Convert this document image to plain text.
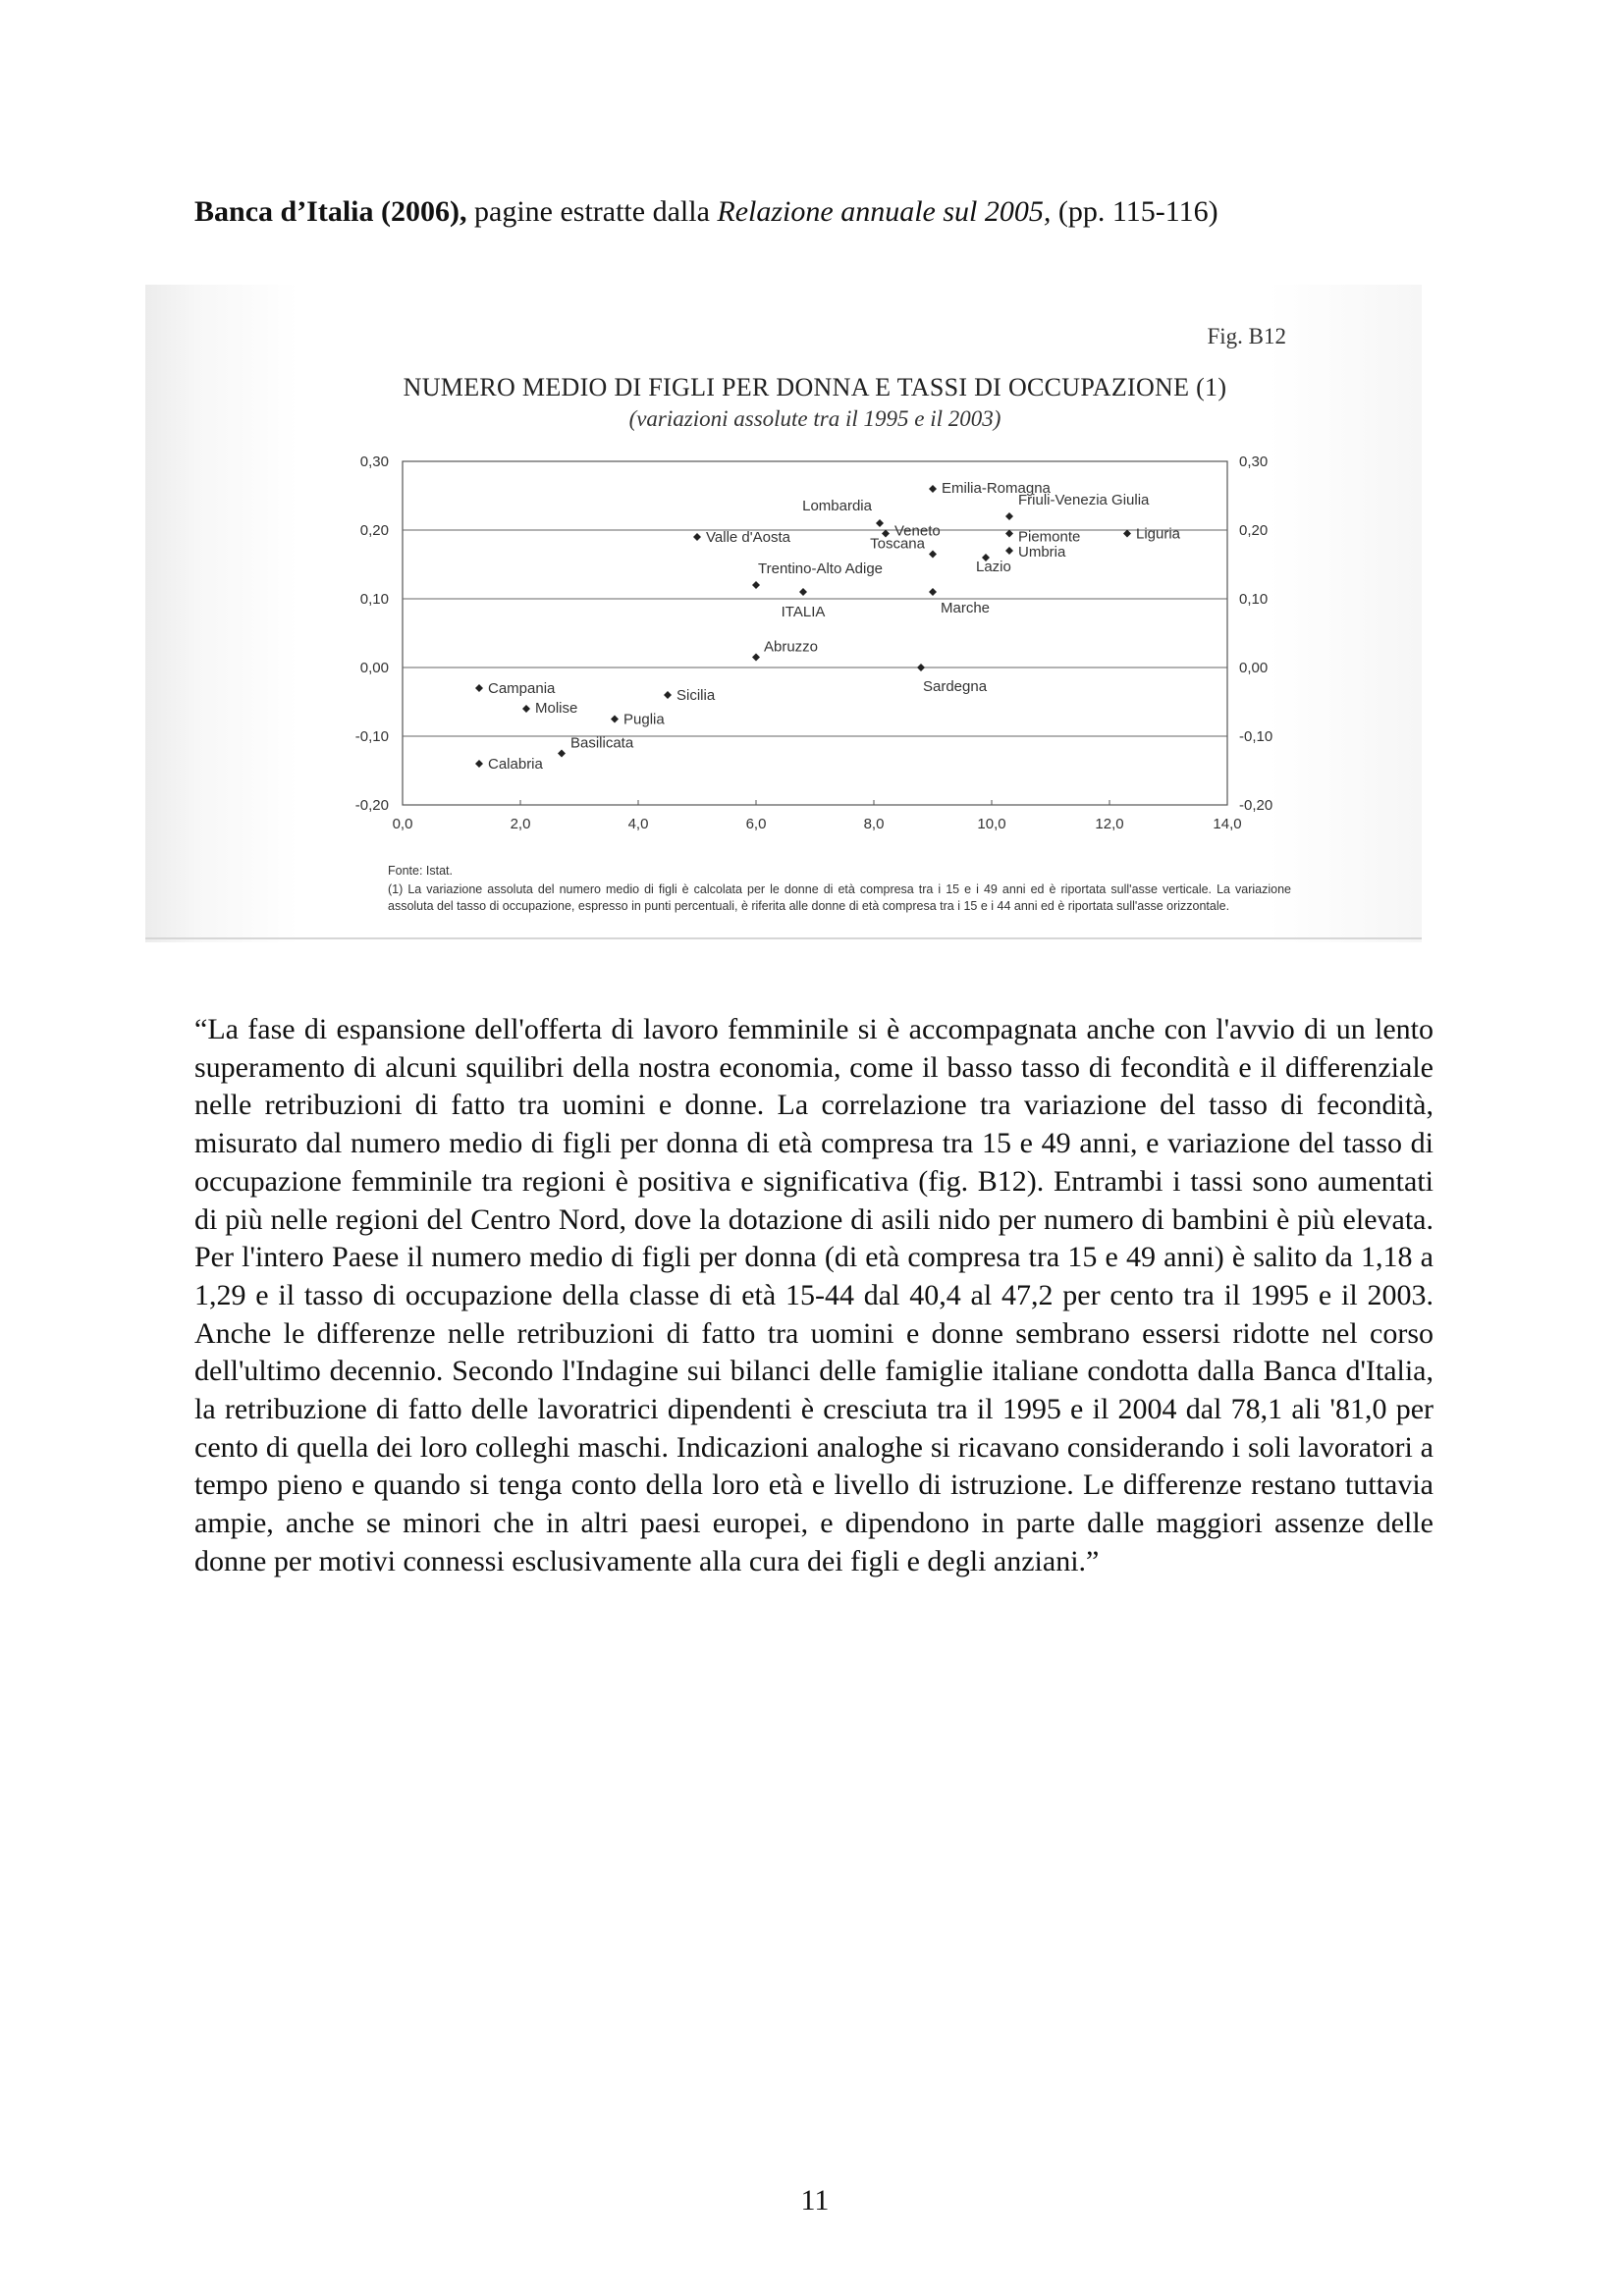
Banca d’Italia (2006), pagine estratte dalla Relazione annuale sul 2005, (pp. 115-116)
Fig. B12
NUMERO MEDIO DI FIGLI PER DONNA E TASSI DI OCCUPAZIONE (1)
(variazioni assolute tra il 1995 e il 2003)
0,30	0,30
0,20	0,20
0,10	0,10
0,00	0,00
-0,10	-0,10
-0,20	-0,20
0,0	2,0	4,0	6,0	8,0	10,0	12,0	14,0
Emilia-Romagna
Lombardia	Friuli-Venezia Giulia
Valle d'Aosta	Veneto	Piemonte	Liguria
Toscana	Umbria
Lazio
Trentino-Alto Adige
ITALIA	Marche
Abruzzo
Sardegna
Campania	Sicilia
Molise
Puglia
Calabria
Basilicata
Fonte: Istat.
(1) La variazione assoluta del numero medio di figli è calcolata per le donne di età compresa tra i 15 e i 49 anni ed è riportata sull'asse verticale. La variazione assoluta del tasso di occupazione, espresso in punti percentuali, è riferita alle donne di età compresa tra i 15 e i 44 anni ed è riportata sull'asse orizzontale.
“La fase di espansione dell'offerta di lavoro femminile si è accompagnata anche con l'avvio di un lento superamento di alcuni squilibri della nostra economia, come il basso tasso di fecondità e il differenziale nelle retribuzioni di fatto tra uomini e donne. La correlazione tra variazione del tasso di fecondità, misurato dal numero medio di figli per donna di età compresa tra 15 e 49 anni, e variazione del tasso di occupazione femminile tra regioni è positiva e significativa (fig. B12). Entrambi i tassi sono aumentati di più nelle regioni del Centro Nord, dove la dotazione di asili nido per numero di bambini è più elevata. Per l'intero Paese il numero medio di figli per donna (di età compresa tra 15 e 49 anni) è salito da 1,18 a 1,29 e il tasso di occupazione della classe di età 15-44 dal 40,4 al 47,2 per cento tra il 1995 e il 2003. Anche le differenze nelle retribuzioni di fatto tra uomini e donne sembrano essersi ridotte nel corso dell'ultimo decennio. Secondo l'Indagine sui bilanci delle famiglie italiane condotta dalla Banca d'Italia, la retribuzione di fatto delle lavoratrici dipendenti è cresciuta tra il 1995 e il 2004 dal 78,1 ali '81,0 per cento di quella dei loro colleghi maschi. Indicazioni analoghe si ricavano considerando i soli lavoratori a tempo pieno e quando si tenga conto della loro età e livello di istruzione. Le differenze restano tuttavia ampie, anche se minori che in altri paesi europei, e dipendono in parte dalle maggiori assenze delle donne per motivi connessi esclusivamente alla cura dei figli e degli anziani.”
11
